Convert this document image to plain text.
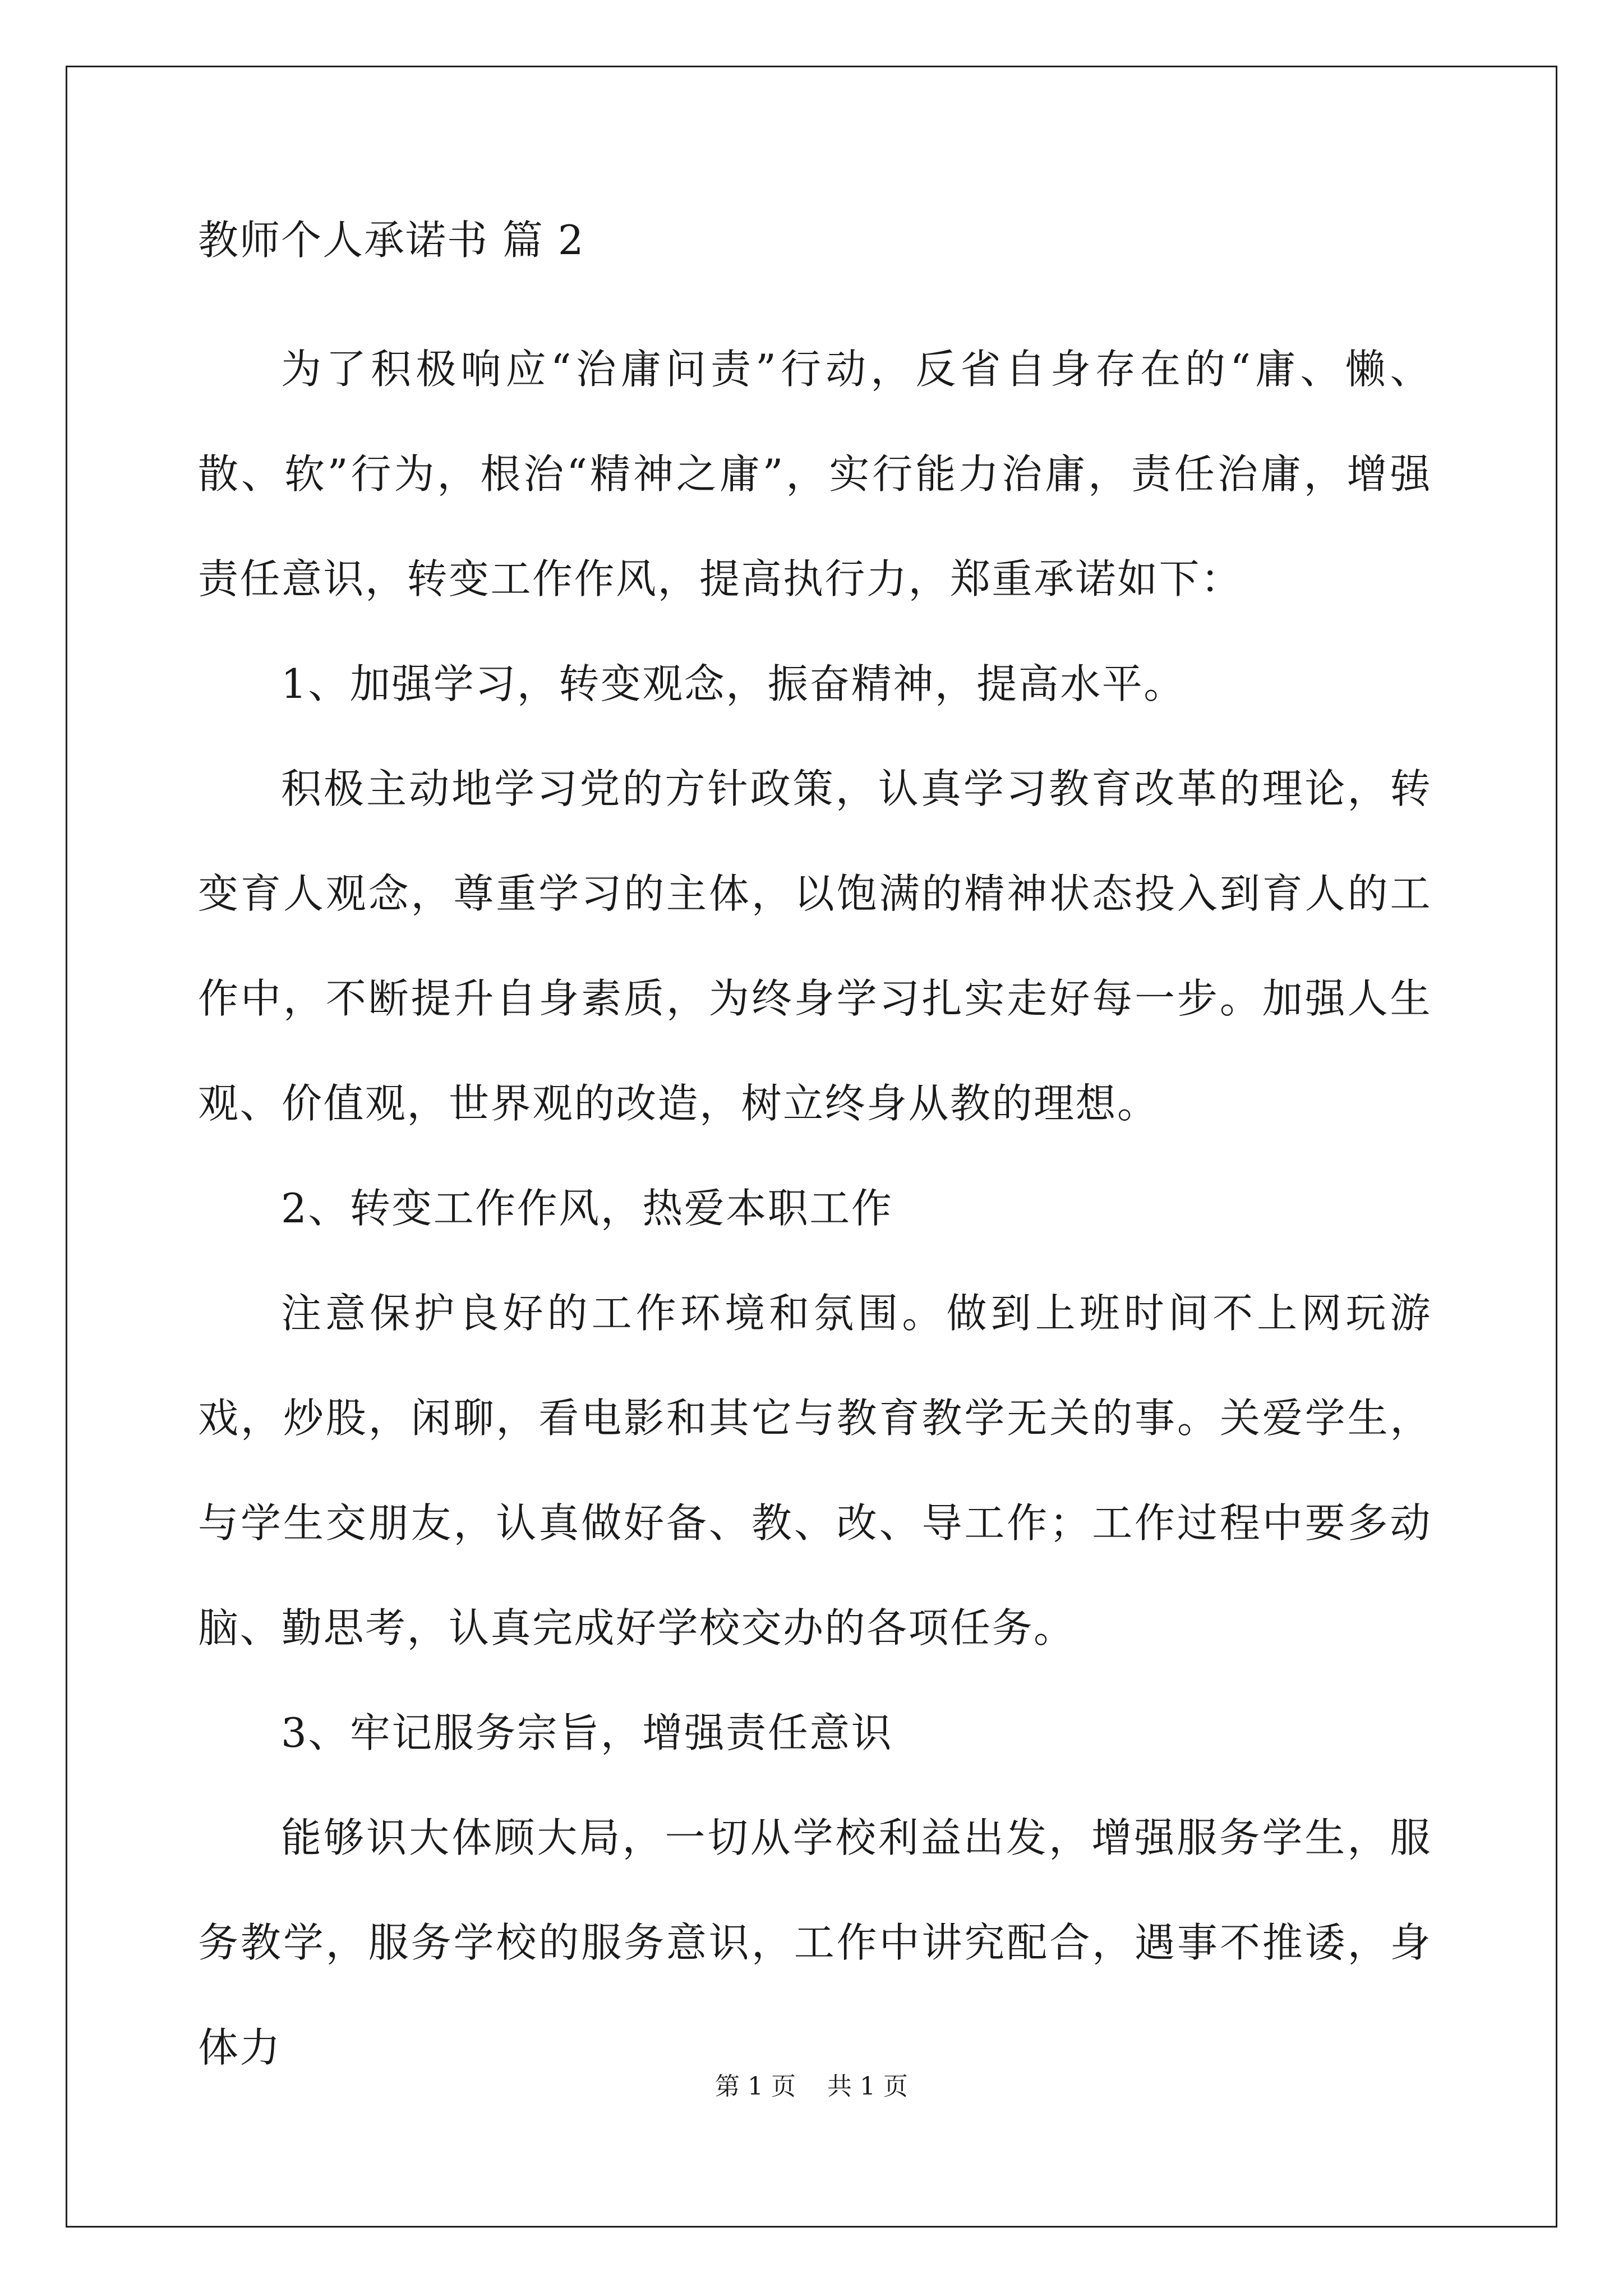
教师个人承诺书 篇 2

为了积极响应“治庸问责”行动，反省自身存在的“庸、懒、散、软”行为，根治“精神之庸”，实行能力治庸，责任治庸，增强责任意识，转变工作作风，提高执行力，郑重承诺如下：

1、加强学习，转变观念，振奋精神，提高水平。

积极主动地学习党的方针政策，认真学习教育改革的理论，转变育人观念，尊重学习的主体，以饱满的精神状态投入到育人的工作中，不断提升自身素质，为终身学习扎实走好每一步。加强人生观、价值观，世界观的改造，树立终身从教的理想。

2、转变工作作风，热爱本职工作

注意保护良好的工作环境和氛围。做到上班时间不上网玩游戏，炒股，闲聊，看电影和其它与教育教学无关的事。关爱学生，与学生交朋友，认真做好备、教、改、导工作；工作过程中要多动脑、勤思考，认真完成好学校交办的各项任务。

3、牢记服务宗旨，增强责任意识

能够识大体顾大局，一切从学校利益出发，增强服务学生，服务教学，服务学校的服务意识，工作中讲究配合，遇事不推诿，身体力

第 1 页    共 1 页
